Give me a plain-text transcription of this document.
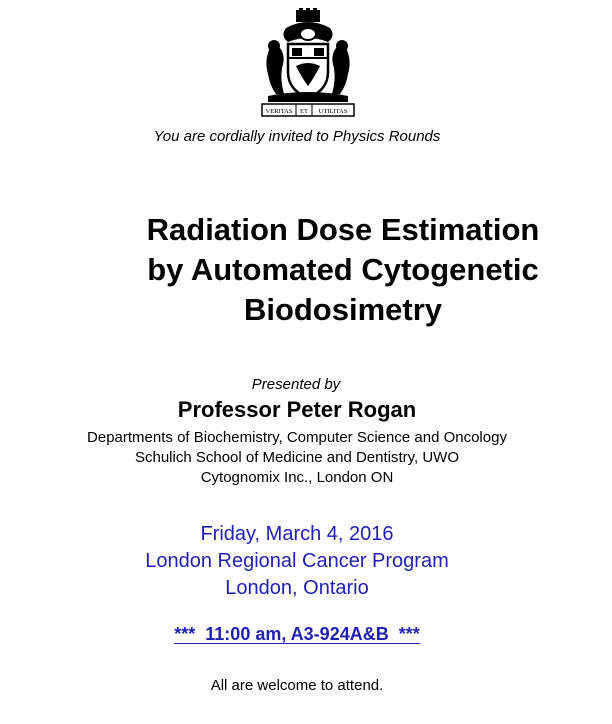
VERITAS ET UTILITAS
You are cordially invited to Physics Rounds
Radiation Dose Estimation
by Automated Cytogenetic
Biodosimetry
Presented by
Professor Peter Rogan
Departments of Biochemistry, Computer Science and Oncology
Schulich School of Medicine and Dentistry, UWO
Cytognomix Inc., London ON
Friday, March 4, 2016
London Regional Cancer Program
London, Ontario
***  11:00 am, A3-924A&B  ***
All are welcome to attend.
